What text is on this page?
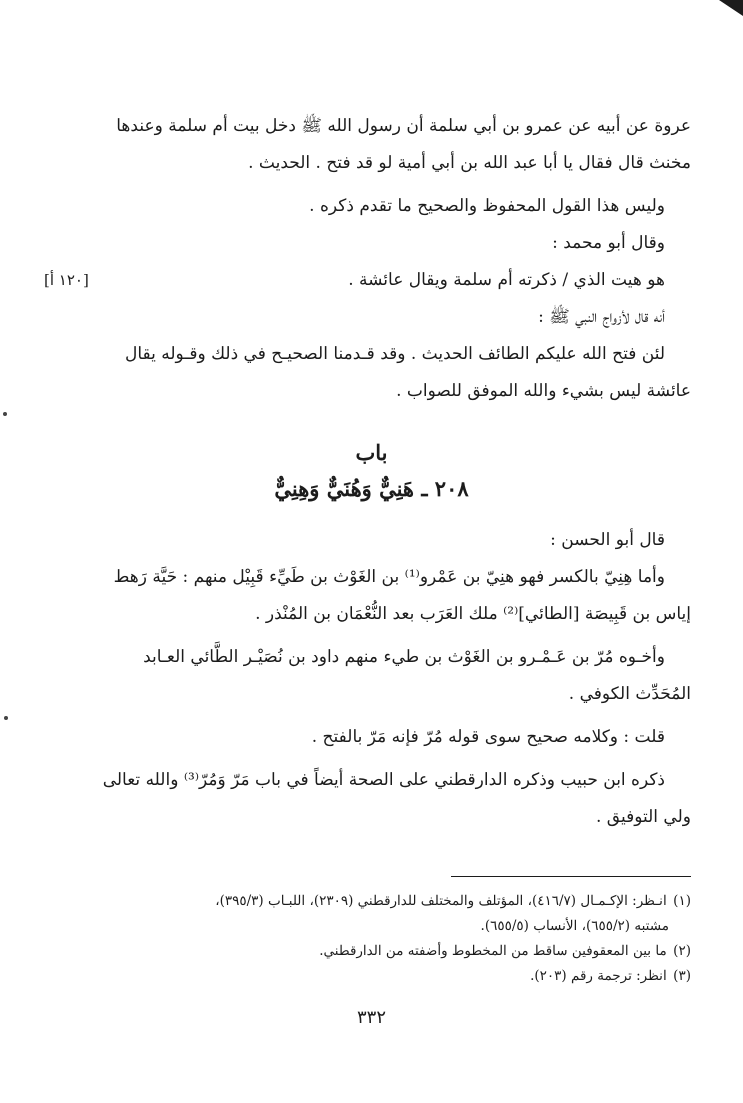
عروة عن أبيه عن عمرو بن أبي سلمة أن رسول الله ﷺ دخل بيت أم سلمة وعندها

مخنث قال فقال يا أبا عبد الله بن أبي أمية لو قد فتح . الحديث .

وليس هذا القول المحفوظ والصحيح ما تقدم ذكره .

وقال أبو محمد :

هو هيت الذي / ذكرته أم سلمة ويقال عائشة .

[١٢٠ أ]

أنه قال لأزواج النبي ﷺ :

لئن فتح الله عليكم الطائف الحديث . وقد قـدمنا الصحيـح في ذلك وقـوله يقال

عائشة ليس بشيء والله الموفق للصواب .

باب

٢٠٨ ـ هَنِيٌّ وَهُنَيٌّ وَهِنِيٌّ

قال أبو الحسن :

وأما هِنِيّ بالكسر فهو هنِيّ بن عَمْرو⁽¹⁾ بن الغَوْث بن طَيِّء قَبِيْل منهم : حَيَّة رَهط

إياس بن قَبِيصَة [الطائي]⁽²⁾ ملك العَرَب بعد النُّعْمَان بن المُنْذر .

وأخـوه مُرّ بن عَـمْـرو بن الغَوْث بن طيء منهم داود بن نُصَيْـر الطَّائي العـابد

المُحَدِّث الكوفي .

قلت : وكلامه صحيح سوى قوله مُرّ فإنه مَرّ بالفتح .

ذكره ابن حبيب وذكره الدارقطني على الصحة أيضاً في باب مَرّ وَمُرّ⁽³⁾ والله تعالى

ولي التوفيق .

(١) انـظر: الإكـمـال (٤١٦/٧)، المؤتلف والمختلف للدارقطني (٢٣٠٩)، اللبـاب (٣٩٥/٣)،

مشتبه (٦٥٥/٢)، الأنساب (٦٥٥/٥).

(٢) ما بين المعقوفين ساقط من المخطوط وأضفته من الدارقطني.

(٣) انظر: ترجمة رقم (٢٠٣).

٣٣٢
